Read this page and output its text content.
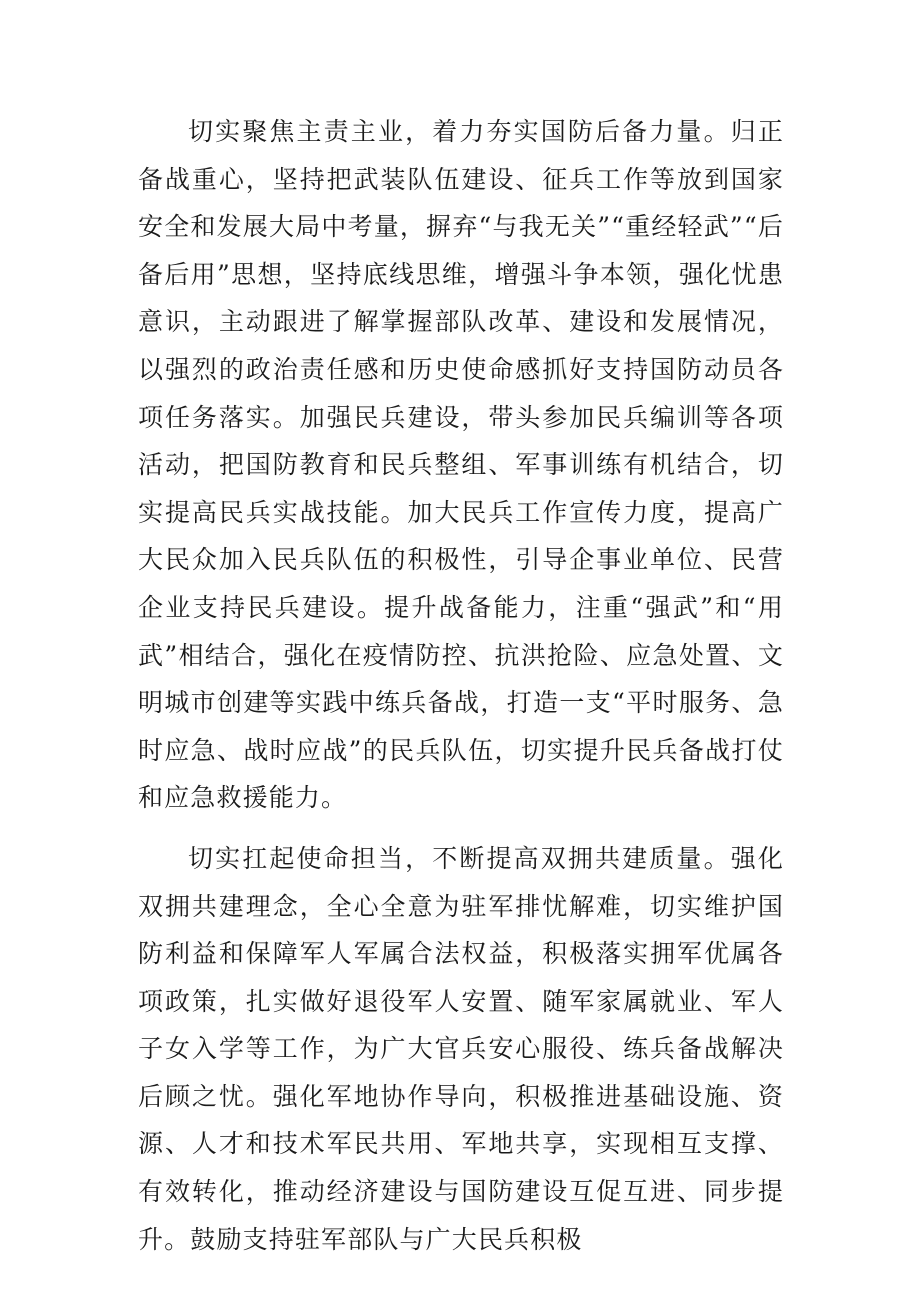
切实聚焦主责主业，着力夯实国防后备力量。归正备战重心，坚持把武装队伍建设、征兵工作等放到国家安全和发展大局中考量，摒弃“与我无关”“重经轻武”“后备后用”思想，坚持底线思维，增强斗争本领，强化忧患意识，主动跟进了解掌握部队改革、建设和发展情况，以强烈的政治责任感和历史使命感抓好支持国防动员各项任务落实。加强民兵建设，带头参加民兵编训等各项活动，把国防教育和民兵整组、军事训练有机结合，切实提高民兵实战技能。加大民兵工作宣传力度，提高广大民众加入民兵队伍的积极性，引导企事业单位、民营企业支持民兵建设。提升战备能力，注重“强武”和“用武”相结合，强化在疫情防控、抗洪抢险、应急处置、文明城市创建等实践中练兵备战，打造一支“平时服务、急时应急、战时应战”的民兵队伍，切实提升民兵备战打仗和应急救援能力。

切实扛起使命担当，不断提高双拥共建质量。强化双拥共建理念，全心全意为驻军排忧解难，切实维护国防利益和保障军人军属合法权益，积极落实拥军优属各项政策，扎实做好退役军人安置、随军家属就业、军人子女入学等工作，为广大官兵安心服役、练兵备战解决后顾之忧。强化军地协作导向，积极推进基础设施、资源、人才和技术军民共用、军地共享，实现相互支撑、有效转化，推动经济建设与国防建设互促互进、同步提升。鼓励支持驻军部队与广大民兵积极
